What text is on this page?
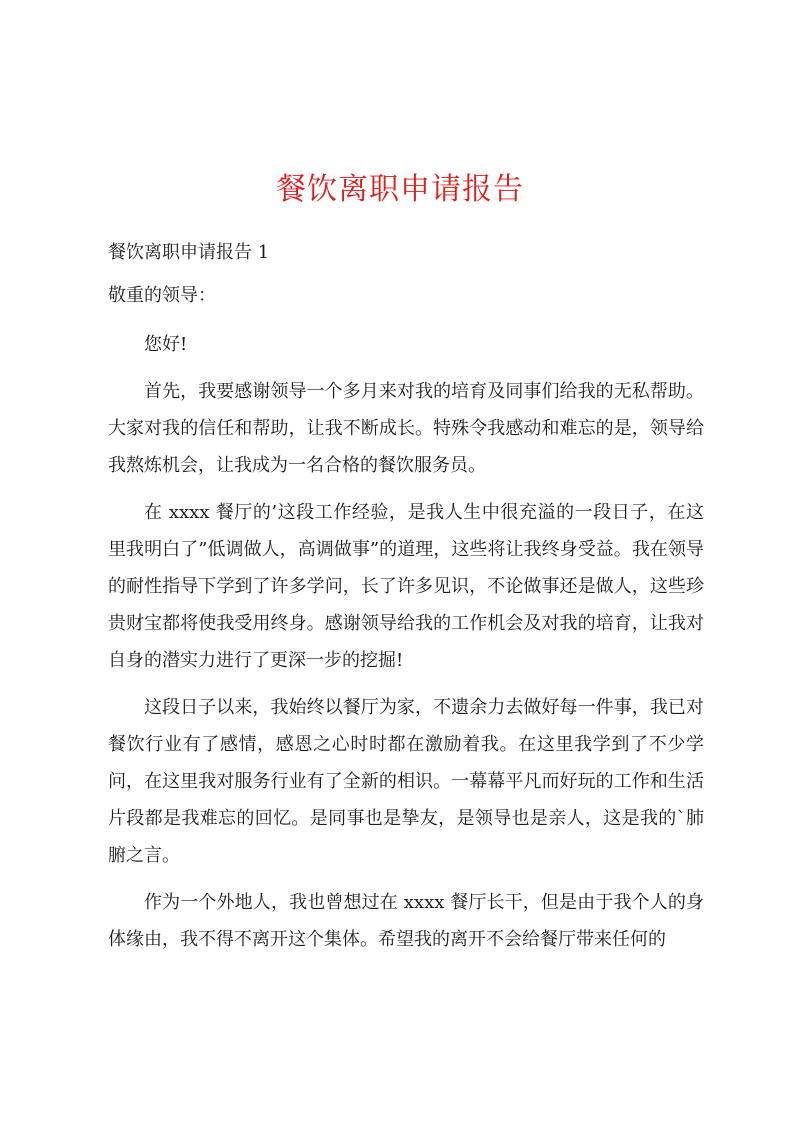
餐饮离职申请报告

餐饮离职申请报告 1

敬重的领导：

您好!

首先，我要感谢领导一个多月来对我的培育及同事们给我的无私帮助。大家对我的信任和帮助，让我不断成长。特殊令我感动和难忘的是，领导给我熬炼机会，让我成为一名合格的餐饮服务员。

在 xxxx 餐厅的’这段工作经验，是我人生中很充溢的一段日子，在这里我明白了”低调做人，高调做事”的道理，这些将让我终身受益。我在领导的耐性指导下学到了许多学问，长了许多见识，不论做事还是做人，这些珍贵财宝都将使我受用终身。感谢领导给我的工作机会及对我的培育，让我对自身的潜实力进行了更深一步的挖掘!

这段日子以来，我始终以餐厅为家，不遗余力去做好每一件事，我已对餐饮行业有了感情，感恩之心时时都在激励着我。在这里我学到了不少学问，在这里我对服务行业有了全新的相识。一幕幕平凡而好玩的工作和生活片段都是我难忘的回忆。是同事也是挚友，是领导也是亲人，这是我的`肺腑之言。

作为一个外地人，我也曾想过在 xxxx 餐厅长干，但是由于我个人的身体缘由，我不得不离开这个集体。希望我的离开不会给餐厅带来任何的
